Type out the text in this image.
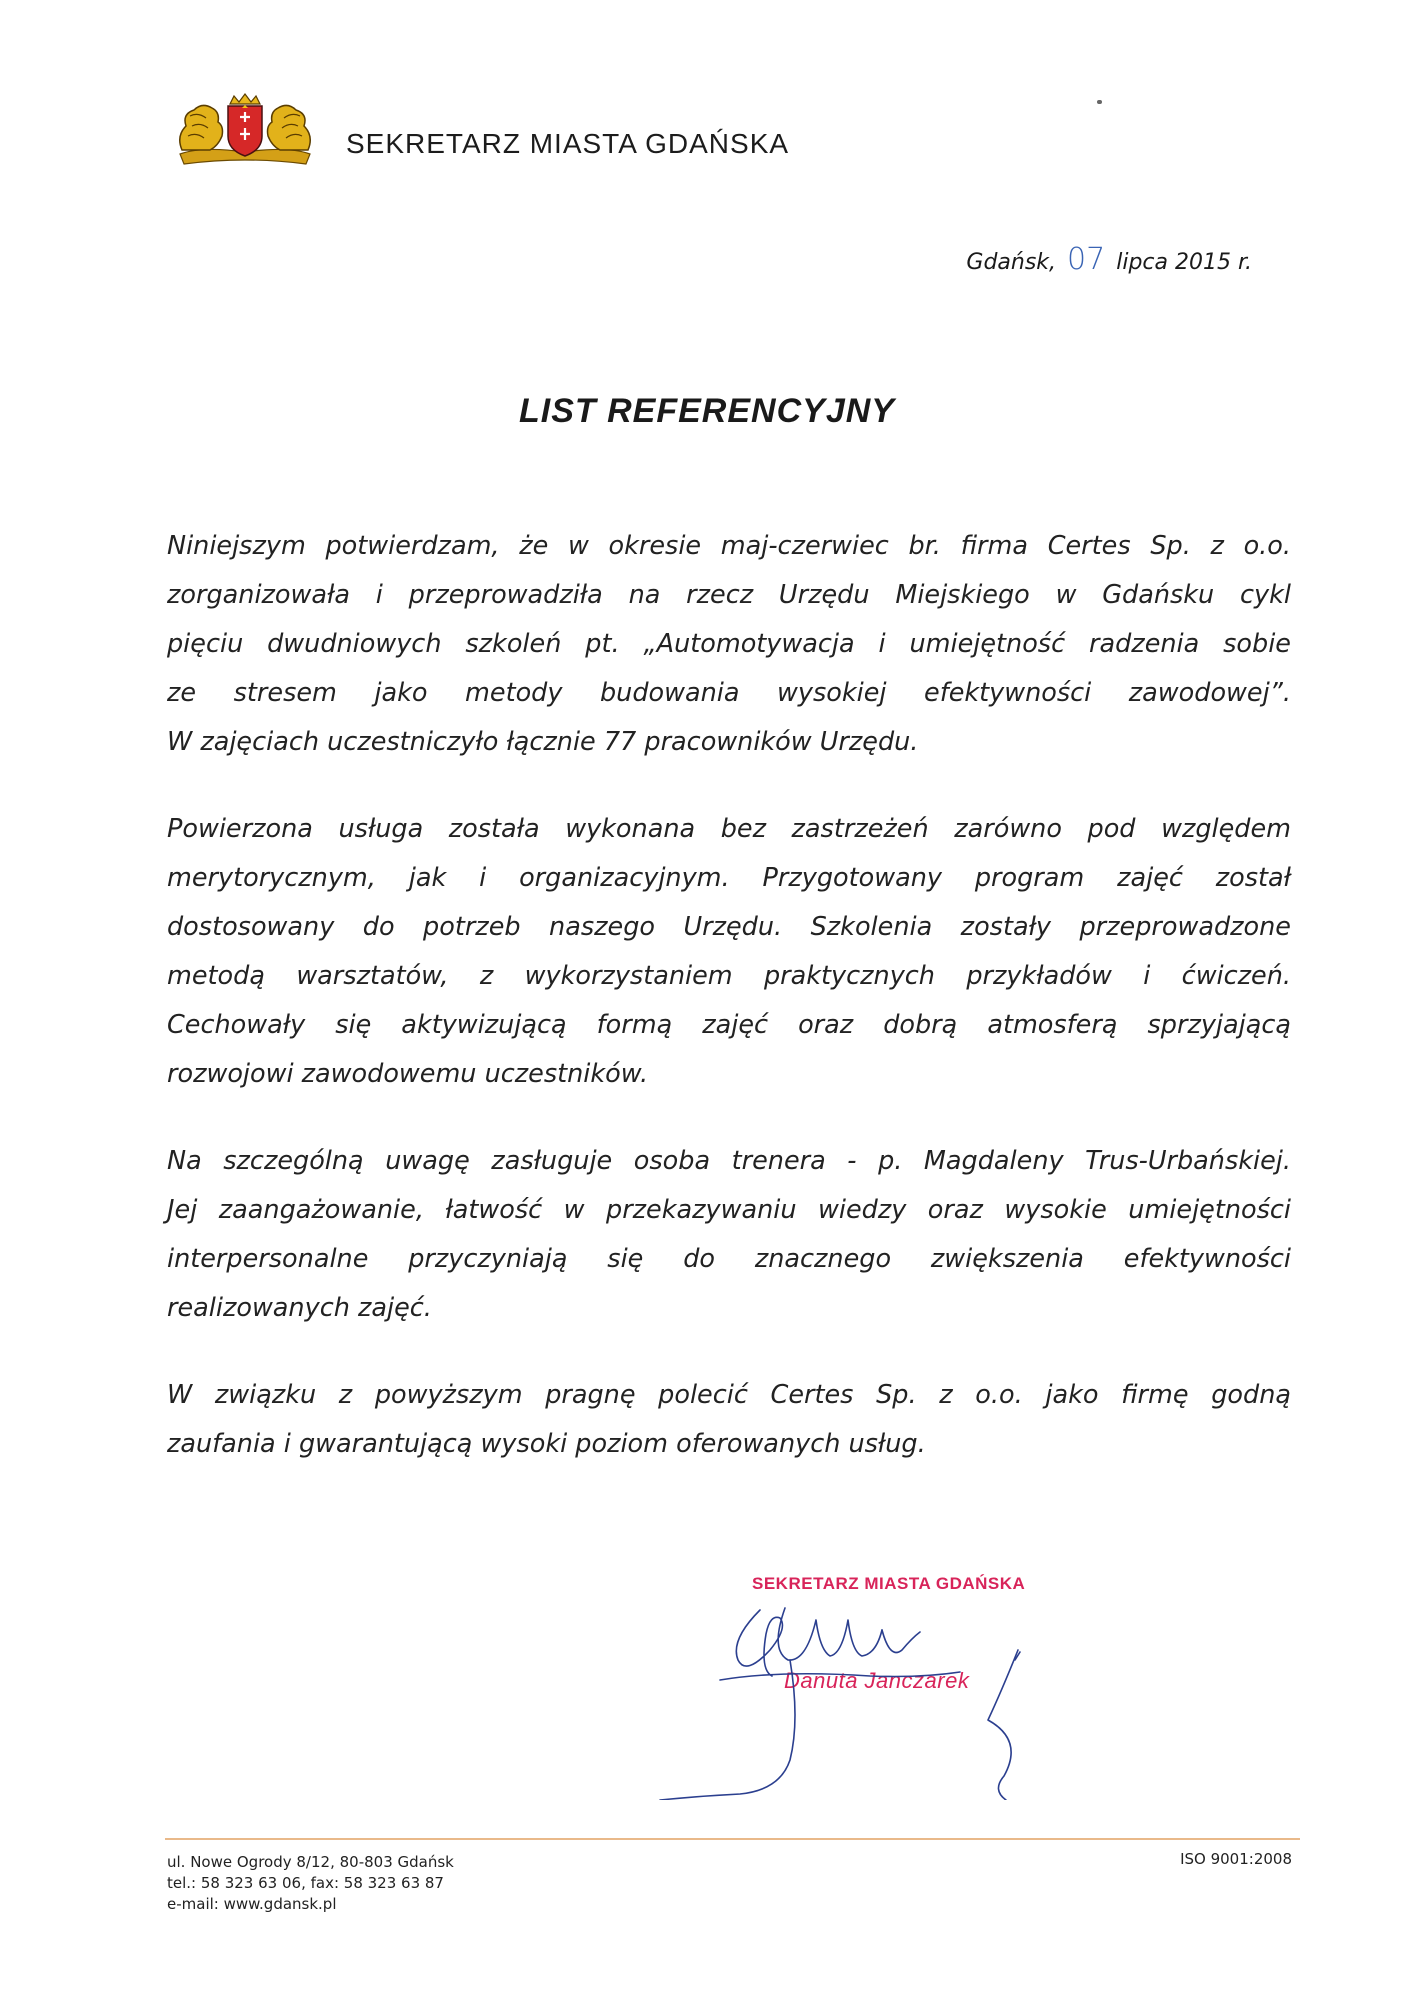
SEKRETARZ MIASTA GDAŃSKA
Gdańsk, 07 lipca 2015 r.
LIST REFERENCYJNY

Niniejszym potwierdzam, że w okresie maj-czerwiec br. firma Certes Sp. z o.o.
zorganizowała i przeprowadziła na rzecz Urzędu Miejskiego w Gdańsku cykl
pięciu dwudniowych szkoleń pt. „Automotywacja i umiejętność radzenia sobie
ze stresem jako metody budowania wysokiej efektywności zawodowej”.
W zajęciach uczestniczyło łącznie 77 pracowników Urzędu.

Powierzona usługa została wykonana bez zastrzeżeń zarówno pod względem
merytorycznym, jak i organizacyjnym. Przygotowany program zajęć został
dostosowany do potrzeb naszego Urzędu. Szkolenia zostały przeprowadzone
metodą warsztatów, z wykorzystaniem praktycznych przykładów i ćwiczeń.
Cechowały się aktywizującą formą zajęć oraz dobrą atmosferą sprzyjającą
rozwojowi zawodowemu uczestników.

Na szczególną uwagę zasługuje osoba trenera - p. Magdaleny Trus-Urbańskiej.
Jej zaangażowanie, łatwość w przekazywaniu wiedzy oraz wysokie umiejętności
interpersonalne przyczyniają się do znacznego zwiększenia efektywności
realizowanych zajęć.

W związku z powyższym pragnę polecić Certes Sp. z o.o. jako firmę godną
zaufania i gwarantującą wysoki poziom oferowanych usług.

SEKRETARZ MIASTA GDAŃSKA
Danuta Janczarek
ul. Nowe Ogrody 8/12, 80-803 Gdańsk
tel.: 58 323 63 06, fax: 58 323 63 87
e-mail: www.gdansk.pl
ISO 9001:2008
